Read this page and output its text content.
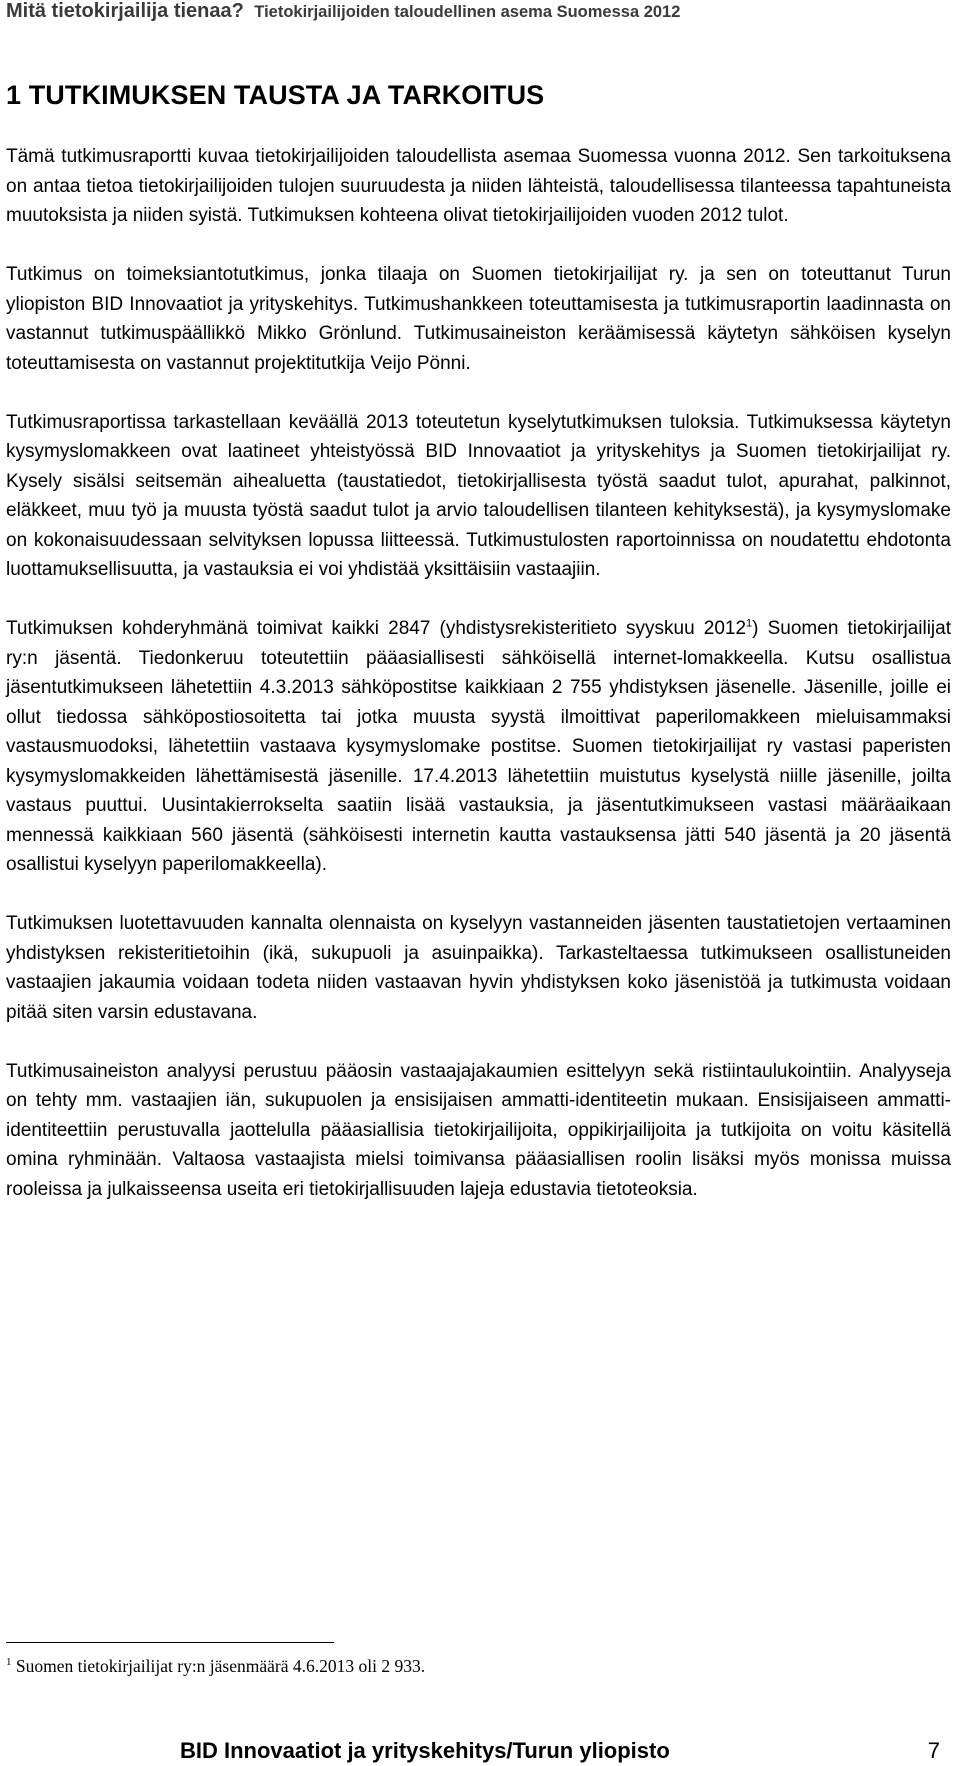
Mitä tietokirjailija tienaa? Tietokirjailijoiden taloudellinen asema Suomessa 2012
1 TUTKIMUKSEN TAUSTA JA TARKOITUS

Tämä tutkimusraportti kuvaa tietokirjailijoiden taloudellista asemaa Suomessa vuonna 2012. Sen tarkoituksena on antaa tietoa tietokirjailijoiden tulojen suuruudesta ja niiden lähteistä, taloudellisessa tilanteessa tapahtuneista muutoksista ja niiden syistä. Tutkimuksen kohteena olivat tietokirjailijoiden vuoden 2012 tulot.

Tutkimus on toimeksiantotutkimus, jonka tilaaja on Suomen tietokirjailijat ry. ja sen on toteuttanut Turun yliopiston BID Innovaatiot ja yrityskehitys. Tutkimushankkeen toteuttamisesta ja tutkimusraportin laadinnasta on vastannut tutkimuspäällikkö Mikko Grönlund. Tutkimusaineiston keräämisessä käytetyn sähköisen kyselyn toteuttamisesta on vastannut projektitutkija Veijo Pönni.

Tutkimusraportissa tarkastellaan keväällä 2013 toteutetun kyselytutkimuksen tuloksia. Tutkimuksessa käytetyn kysymyslomakkeen ovat laatineet yhteistyössä BID Innovaatiot ja yrityskehitys ja Suomen tietokirjailijat ry. Kysely sisälsi seitsemän aihealuetta (taustatiedot, tietokirjallisesta työstä saadut tulot, apurahat, palkinnot, eläkkeet, muu työ ja muusta työstä saadut tulot ja arvio taloudellisen tilanteen kehityksestä), ja kysymyslomake on kokonaisuudessaan selvityksen lopussa liitteessä. Tutkimustulosten raportoinnissa on noudatettu ehdotonta luottamuksellisuutta, ja vastauksia ei voi yhdistää yksittäisiin vastaajiin.

Tutkimuksen kohderyhmänä toimivat kaikki 2847 (yhdistysrekisteritieto syyskuu 2012$^1$) Suomen tietokirjailijat ry:n jäsentä. Tiedonkeruu toteutettiin pääasiallisesti sähköisellä internet-lomakkeella. Kutsu osallistua jäsentutkimukseen lähetettiin 4.3.2013 sähköpostitse kaikkiaan 2 755 yhdistyksen jäsenelle. Jäsenille, joille ei ollut tiedossa sähköpostiosoitetta tai jotka muusta syystä ilmoittivat paperilomakkeen mieluisammaksi vastausmuodoksi, lähetettiin vastaava kysymyslomake postitse. Suomen tietokirjailijat ry vastasi paperisten kysymyslomakkeiden lähettämisestä jäsenille. 17.4.2013 lähetettiin muistutus kyselystä niille jäsenille, joilta vastaus puuttui. Uusintakierrokselta saatiin lisää vastauksia, ja jäsentutkimukseen vastasi määräaikaan mennessä kaikkiaan 560 jäsentä (sähköisesti internetin kautta vastauksensa jätti 540 jäsentä ja 20 jäsentä osallistui kyselyyn paperilomakkeella).

Tutkimuksen luotettavuuden kannalta olennaista on kyselyyn vastanneiden jäsenten taustatietojen vertaaminen yhdistyksen rekisteritietoihin (ikä, sukupuoli ja asuinpaikka). Tarkasteltaessa tutkimukseen osallistuneiden vastaajien jakaumia voidaan todeta niiden vastaavan hyvin yhdistyksen koko jäsenistöä ja tutkimusta voidaan pitää siten varsin edustavana.

Tutkimusaineiston analyysi perustuu pääosin vastaajajakaumien esittelyyn sekä ristiintaulukointiin. Analyyseja on tehty mm. vastaajien iän, sukupuolen ja ensisijaisen ammatti-identiteetin mukaan. Ensisijaiseen ammatti-identiteettiin perustuvalla jaottelulla pääasiallisia tietokirjailijoita, oppikirjailijoita ja tutkijoita on voitu käsitellä omina ryhminään. Valtaosa vastaajista mielsi toimivansa pääasiallisen roolin lisäksi myös monissa muissa rooleissa ja julkaisseensa useita eri tietokirjallisuuden lajeja edustavia tietoteoksia.

$^1$ Suomen tietokirjailijat ry:n jäsenmäärä 4.6.2013 oli 2 933.
BID Innovaatiot ja yrityskehitys/Turun yliopisto	7
